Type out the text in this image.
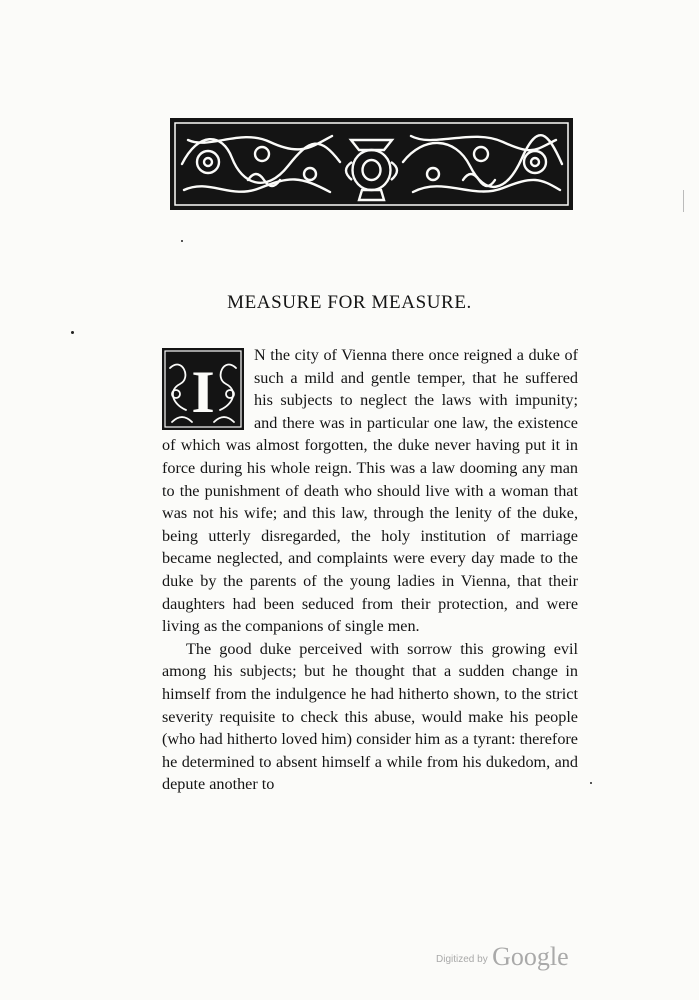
MEASURE FOR MEASURE.
I

N the city of Vienna there once reigned a duke of such a mild and gentle temper, that he suffered his subjects to neglect the laws with impunity; and there was in particular one law, the existence of which was almost forgotten, the duke never having put it in force during his whole reign. This was a law dooming any man to the punishment of death who should live with a woman that was not his wife; and this law, through the lenity of the duke, being utterly disregarded, the holy institution of marriage became neglected, and complaints were every day made to the duke by the parents of the young ladies in Vienna, that their daughters had been seduced from their protection, and were living as the companions of single men.

The good duke perceived with sorrow this growing evil among his subjects; but he thought that a sudden change in himself from the indulgence he had hitherto shown, to the strict severity requisite to check this abuse, would make his people (who had hitherto loved him) consider him as a tyrant: therefore he determined to absent himself a while from his dukedom, and depute another to

Digitized by Google
